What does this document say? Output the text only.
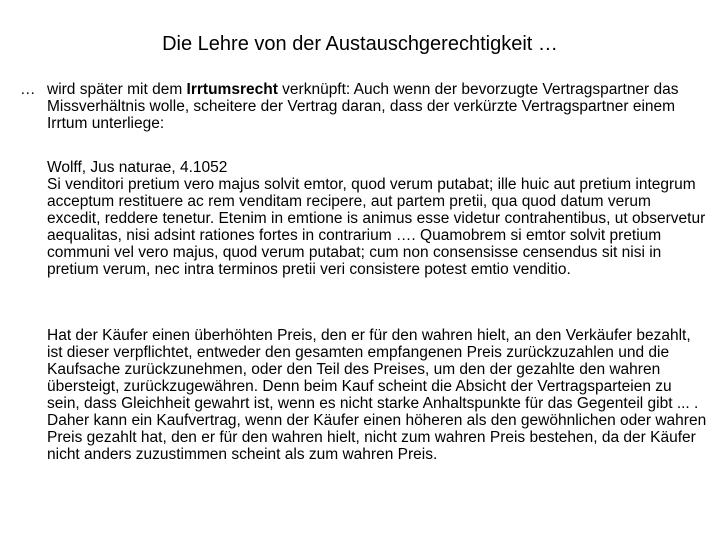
Die Lehre von der Austauschgerechtigkeit …
… wird später mit dem Irrtumsrecht verknüpft: Auch wenn der bevorzugte Vertragspartner das Missverhältnis wolle, scheitere der Vertrag daran, dass der verkürzte Vertragspartner einem Irrtum unterliege:

Wolff, Jus naturae, 4.1052

Si venditori pretium vero majus solvit emtor, quod verum putabat; ille huic aut pretium integrum acceptum restituere ac rem venditam recipere, aut partem pretii, qua quod datum verum excedit, reddere tenetur. Etenim in emtione is animus esse videtur contrahentibus, ut observetur aequalitas, nisi adsint rationes fortes in contrarium …. Quamobrem si emtor solvit pretium communi vel vero majus, quod verum putabat; cum non consensisse censendus sit nisi in pretium verum, nec intra terminos pretii veri consistere potest emtio venditio.

Hat der Käufer einen überhöhten Preis, den er für den wahren hielt, an den Verkäufer bezahlt, ist dieser verpflichtet, entweder den gesamten empfangenen Preis zurückzuzahlen und die Kaufsache zurückzunehmen, oder den Teil des Preises, um den der gezahlte den wahren übersteigt, zurückzugewähren. Denn beim Kauf scheint die Absicht der Vertragsparteien zu sein, dass Gleichheit gewahrt ist, wenn es nicht starke Anhaltspunkte für das Gegenteil gibt ... . Daher kann ein Kaufvertrag, wenn der Käufer einen höheren als den gewöhnlichen oder wahren Preis gezahlt hat, den er für den wahren hielt, nicht zum wahren Preis bestehen, da der Käufer nicht anders zuzustimmen scheint als zum wahren Preis.
